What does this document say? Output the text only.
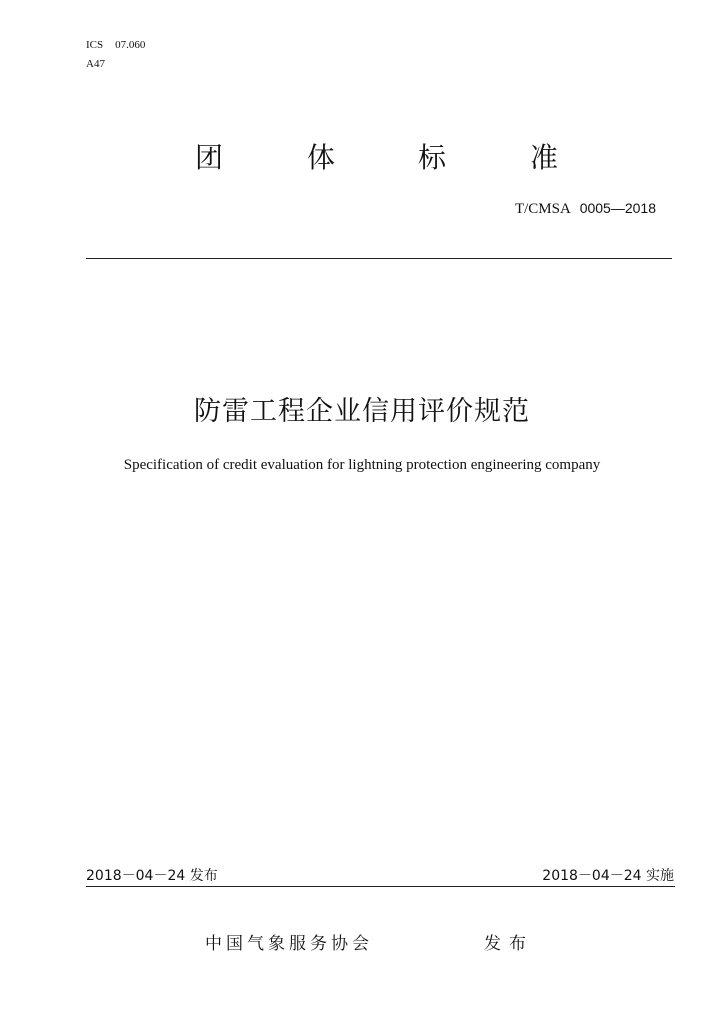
ICS 07.060
A47
团	体	标	准
T/CMSA 0005—2018
防雷工程企业信用评价规范
Specification of credit evaluation for lightning protection engineering company
2018－04－24 发布	2018－04－24 实施
中国气象服务协会	发布
